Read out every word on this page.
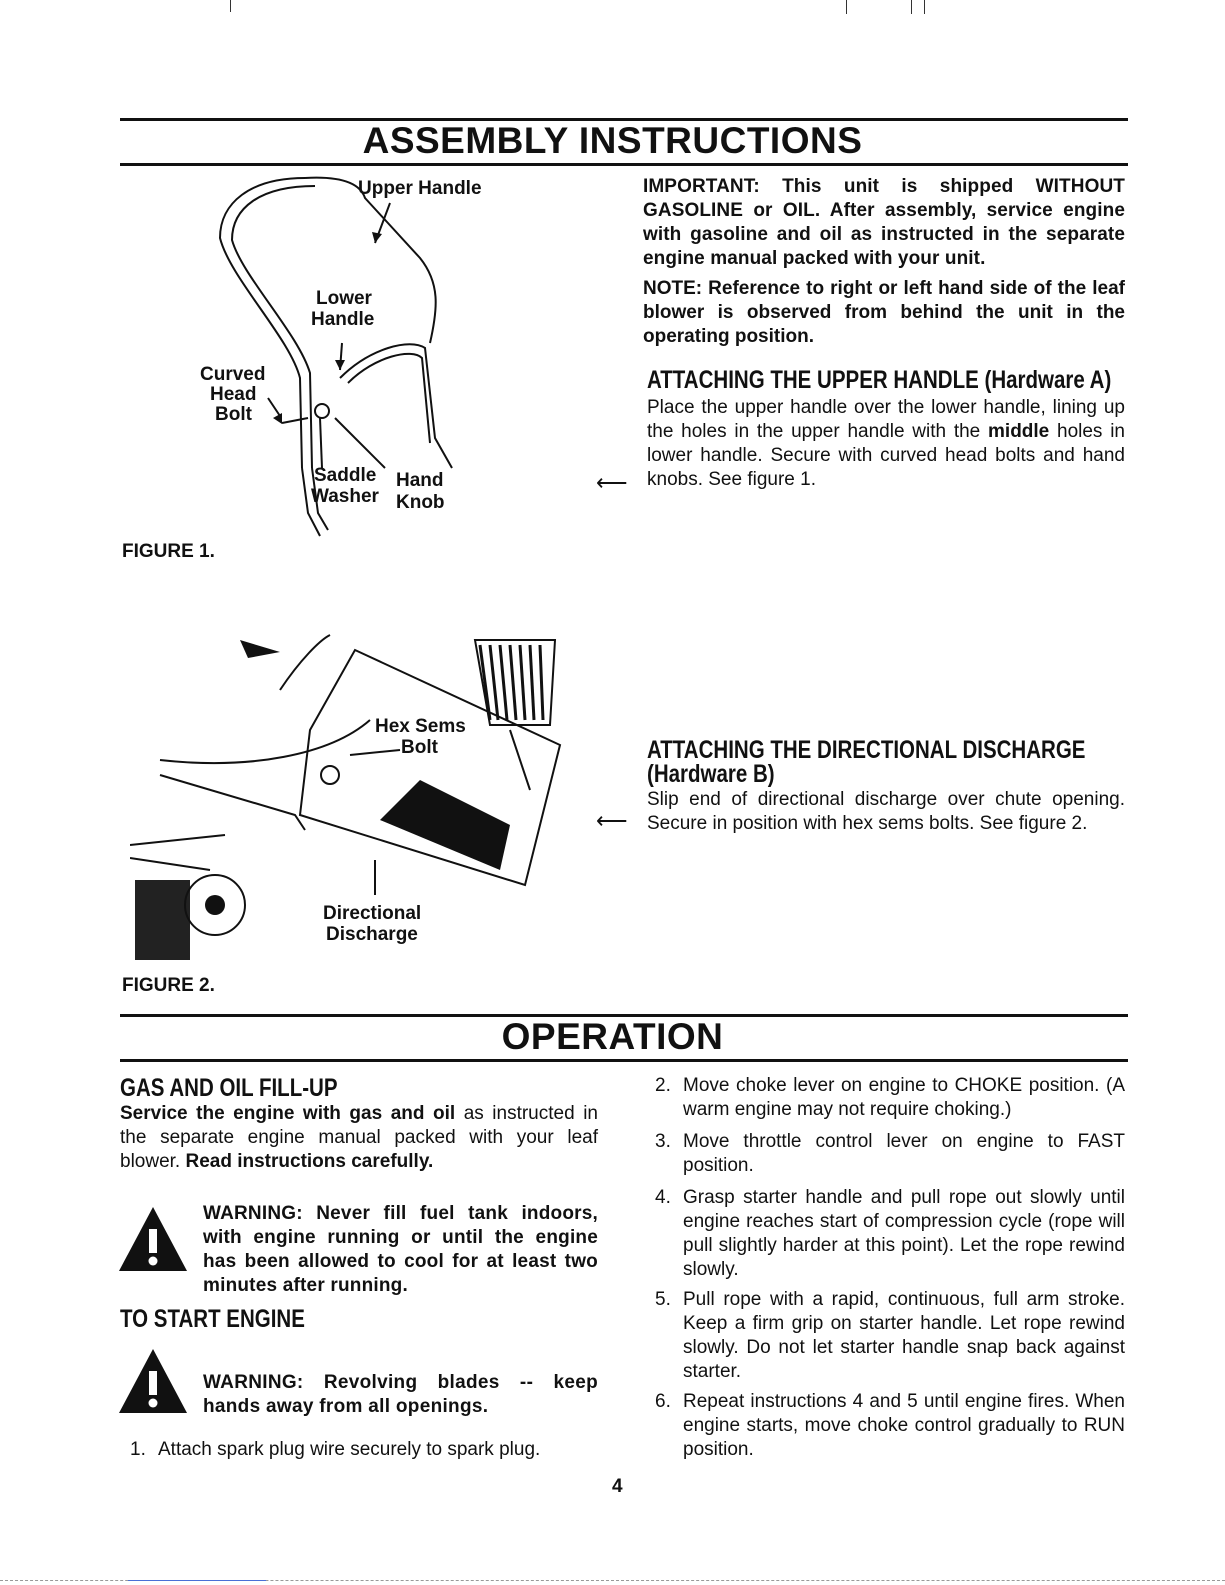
ASSEMBLY INSTRUCTIONS
Upper Handle
Lower
Handle
Curved
Head
Bolt
Saddle
Washer
Hand
Knob
FIGURE 1.
IMPORTANT: This unit is shipped WITHOUT GASOLINE or OIL. After assembly, service engine with gasoline and oil as instructed in the separate engine manual packed with your unit.
NOTE: Reference to right or left hand side of the leaf blower is observed from behind the unit in the operating position.
ATTACHING THE UPPER HANDLE (Hardware A)
Place the upper handle over the lower handle, lining up the holes in the upper handle with the middle holes in lower handle. Secure with curved head bolts and hand knobs. See figure 1.
⟵
Hex Sems
Bolt
Directional
Discharge
FIGURE 2.
ATTACHING THE DIRECTIONAL DISCHARGE
(Hardware B)
Slip end of directional discharge over chute opening. Secure in position with hex sems bolts. See figure 2.
⟵
OPERATION
GAS AND OIL FILL-UP
Service the engine with gas and oil as instructed in the separate engine manual packed with your leaf blower. Read instructions carefully.
WARNING: Never fill fuel tank indoors, with engine running or until the engine has been allowed to cool for at least two minutes after running.
TO START ENGINE
WARNING: Revolving blades -- keep hands away from all openings.
1. Attach spark plug wire securely to spark plug.
2. Move choke lever on engine to CHOKE position. (A warm engine may not require choking.)
3. Move throttle control lever on engine to FAST position.
4. Grasp starter handle and pull rope out slowly until engine reaches start of compression cycle (rope will pull slightly harder at this point). Let the rope rewind slowly.
5. Pull rope with a rapid, continuous, full arm stroke. Keep a firm grip on starter handle. Let rope rewind slowly. Do not let starter handle snap back against starter.
6. Repeat instructions 4 and 5 until engine fires. When engine starts, move choke control gradually to RUN position.
4
